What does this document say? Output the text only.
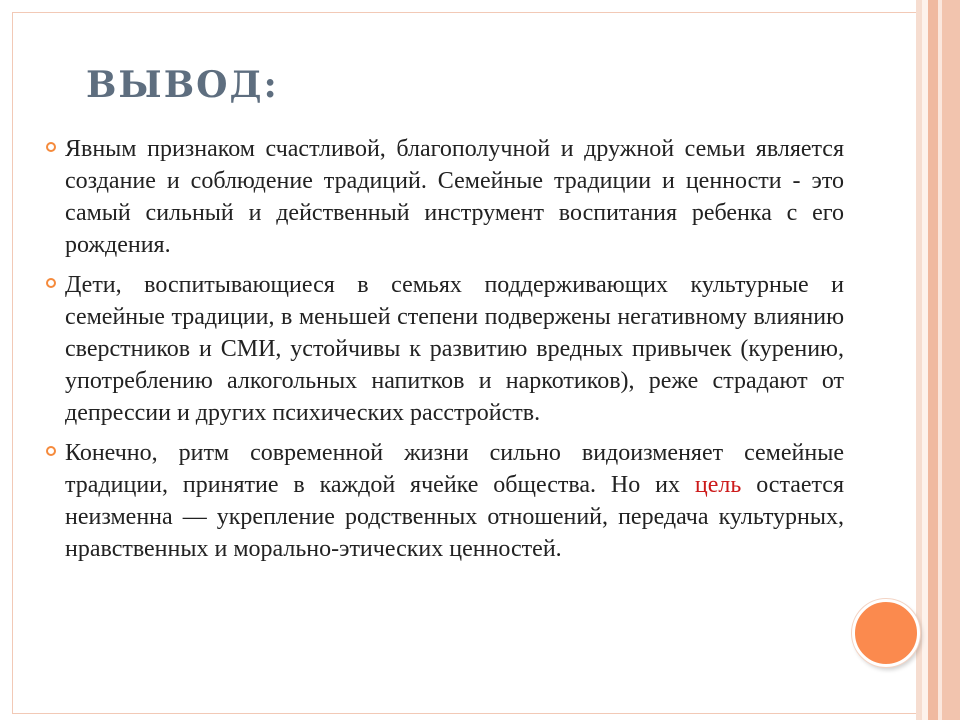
ВЫВОД:
Явным признаком счастливой, благополучной и дружной семьи является создание и соблюдение традиций. Семейные традиции и ценности - это самый сильный и действенный инструмент воспитания ребенка с его рождения.
Дети, воспитывающиеся в семьях поддерживающих культурные и семейные традиции, в меньшей степени подвержены негативному влиянию сверстников и СМИ, устойчивы к развитию вредных привычек (курению, употреблению алкогольных напитков и наркотиков), реже страдают от депрессии и других психических расстройств.
Конечно, ритм современной жизни сильно видоизменяет семейные традиции, принятие в каждой ячейке общества. Но их цель остается неизменна — укрепление родственных отношений, передача культурных, нравственных и морально-этических ценностей.
